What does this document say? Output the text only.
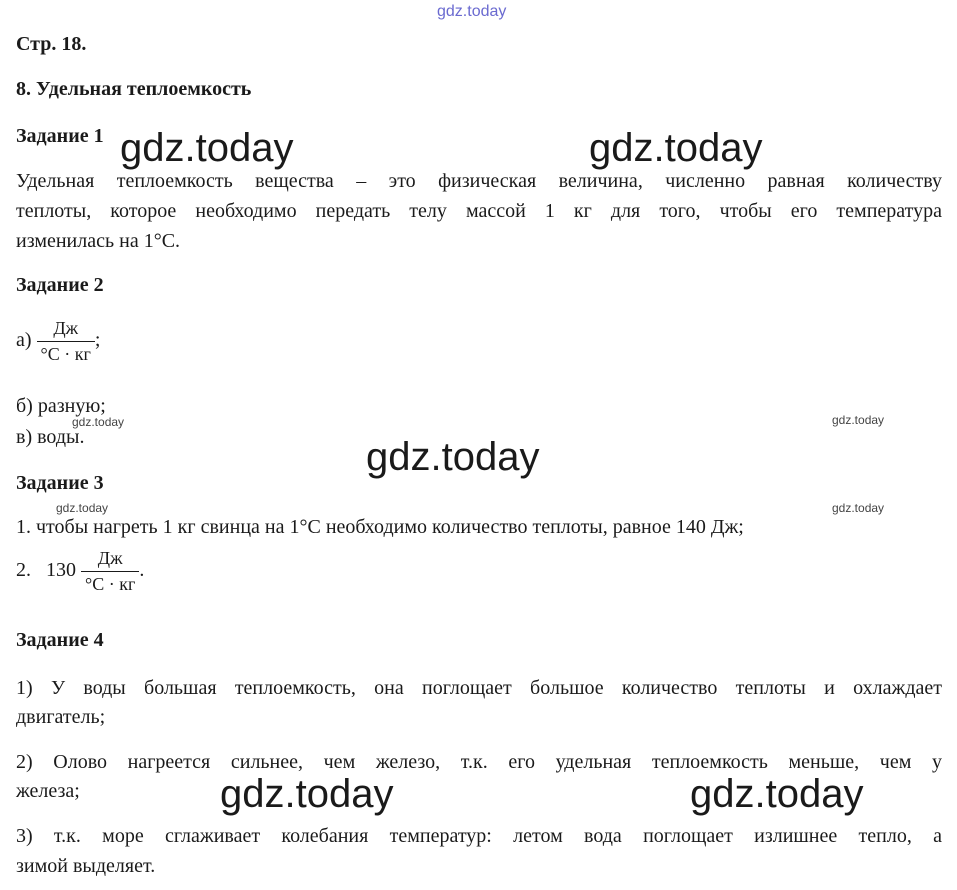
gdz.today
gdz.today	gdz.today
gdz.today
gdz.today	gdz.today
gdz.today	gdz.today
gdz.today	gdz.today
Стр. 18.
8. Удельная теплоемкость
Задание 1
Удельная теплоемкость вещества – это физическая величина, численно равная количеству
теплоты, которое необходимо передать телу массой 1 кг для того, чтобы его температура
изменилась на 1°C.
Задание 2
$а) \frac{Дж}{^\circ C \cdot кг}$ ;
б) разную;
в) воды.
Задание 3
1. чтобы нагреть 1 кг свинца на 1°C необходимо количество теплоты, равное 140 Дж;
2. $130 \frac{Дж}{^\circ C \cdot кг}$ .
Задание 4
1) У воды большая теплоемкость, она поглощает большое количество теплоты и охлаждает
двигатель;
2) Олово нагреется сильнее, чем железо, т.к. его удельная теплоемкость меньше, чем у
железа;
3) т.к. море сглаживает колебания температур: летом вода поглощает излишнее тепло, а
зимой выделяет.
